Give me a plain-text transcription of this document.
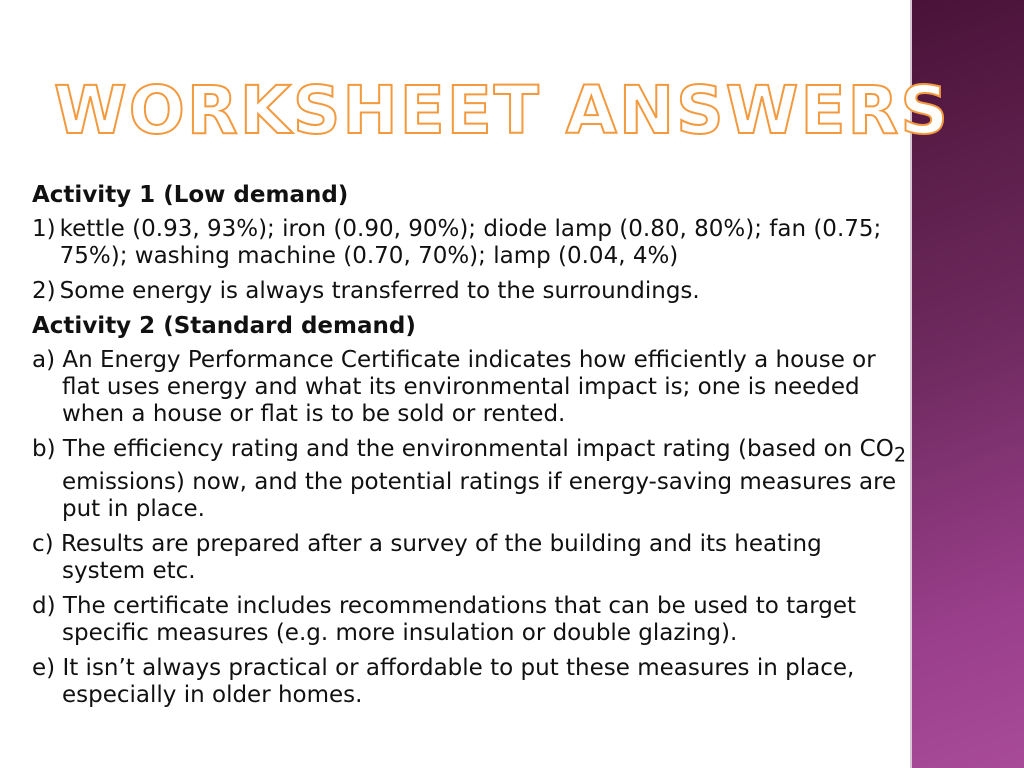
WORKSHEET ANSWERS
Activity 1 (Low demand)
1) kettle (0.93, 93%); iron (0.90, 90%); diode lamp (0.80, 80%); fan (0.75; 75%); washing machine (0.70, 70%); lamp (0.04, 4%)
2) Some energy is always transferred to the surroundings.
Activity 2 (Standard demand)
a) An Energy Performance Certificate indicates how efficiently a house or flat uses energy and what its environmental impact is; one is needed when a house or flat is to be sold or rented.
b) The efficiency rating and the environmental impact rating (based on $CO_2$ emissions) now, and the potential ratings if energy-saving measures are put in place.
c) Results are prepared after a survey of the building and its heating system etc.
d) The certificate includes recommendations that can be used to target specific measures (e.g. more insulation or double glazing).
e) It isn’t always practical or affordable to put these measures in place, especially in older homes.
